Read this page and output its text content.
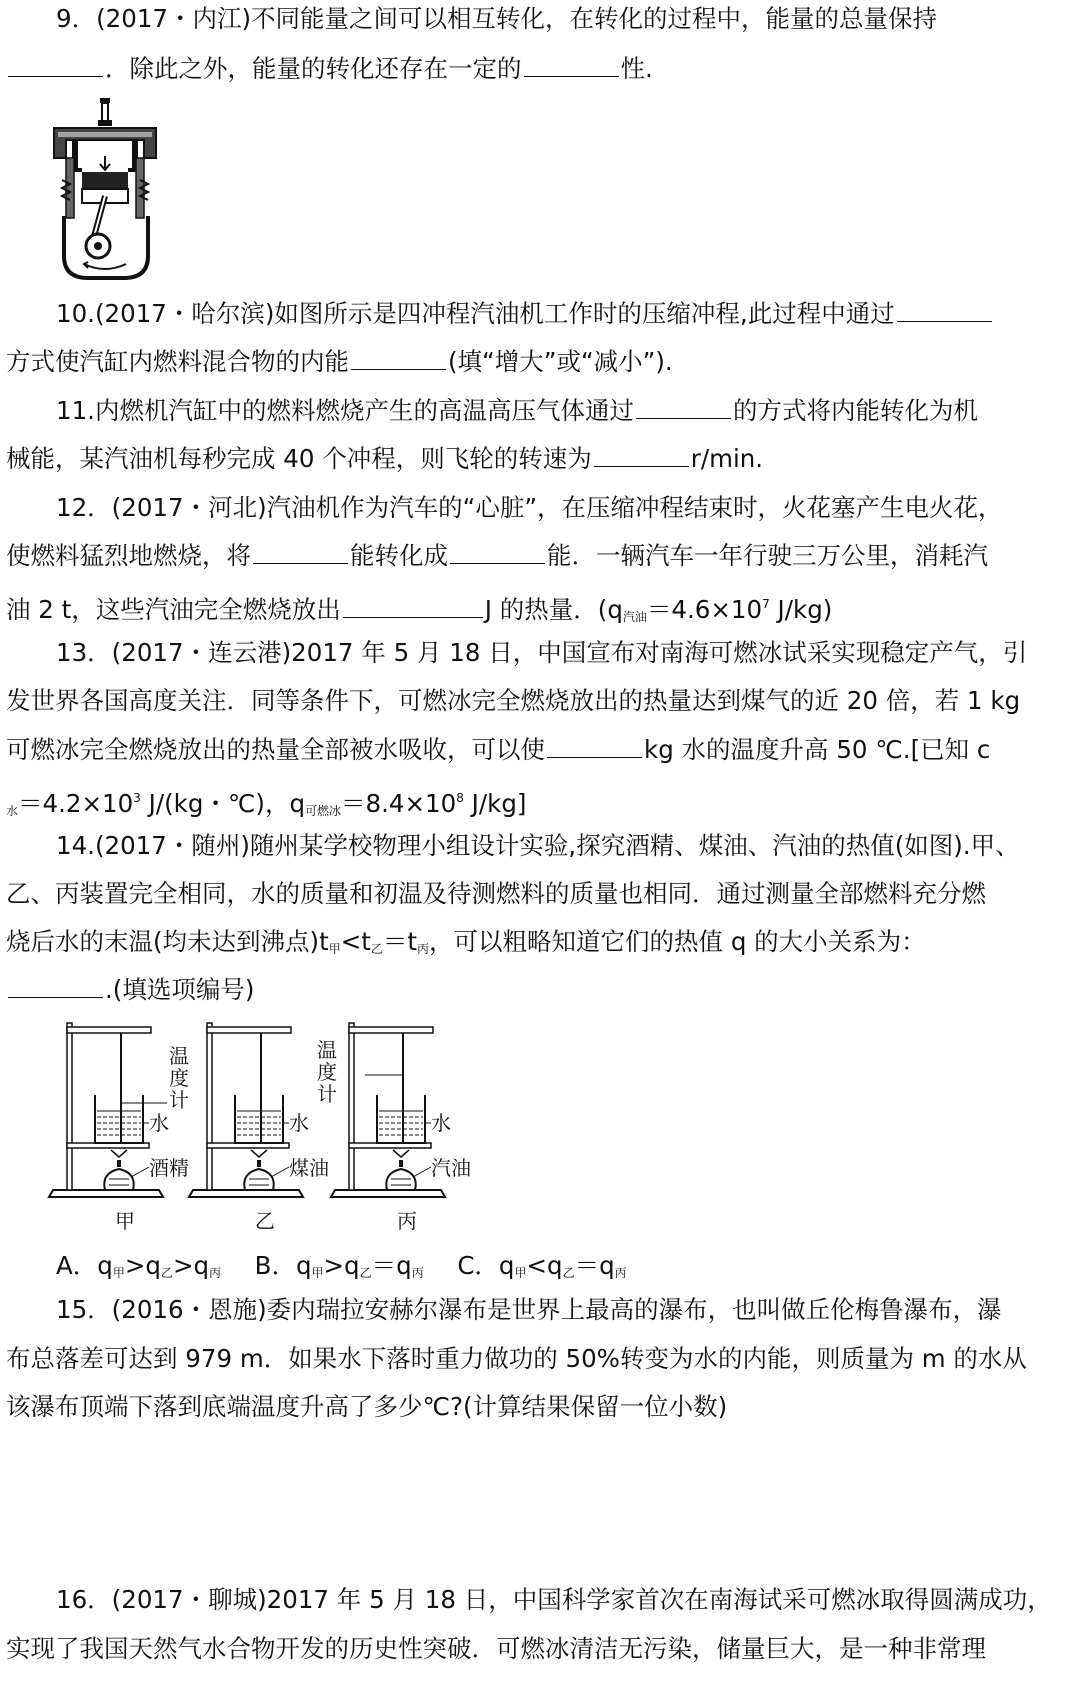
9．(2017・内江)不同能量之间可以相互转化，在转化的过程中，能量的总量保持
．除此之外，能量的转化还存在一定的	性.
10.(2017・哈尔滨)如图所示是四冲程汽油机工作时的压缩冲程,此过程中通过
方式使汽缸内燃料混合物的内能	(填“增大”或“减小”).
11.内燃机汽缸中的燃料燃烧产生的高温高压气体通过	的方式将内能转化为机
械能，某汽油机每秒完成 40 个冲程，则飞轮的转速为	r/min.
12．(2017・河北)汽油机作为汽车的“心脏”，在压缩冲程结束时，火花塞产生电火花，
使燃料猛烈地燃烧，将	能转化成	能．一辆汽车一年行驶三万公里，消耗汽
油 2 t，这些汽油完全燃烧放出	J 的热量．($q_{汽油}=4.6\times 10^7$ J/kg)
13．(2017・连云港)2017 年 5 月 18 日，中国宣布对南海可燃冰试采实现稳定产气，引
发世界各国高度关注．同等条件下，可燃冰完全燃烧放出的热量达到煤气的近 20 倍，若 1 kg
可燃冰完全燃烧放出的热量全部被水吸收，可以使	kg 水的温度升高 50 ℃.[已知 c
$_水=4.2\times 10^3$ J/(kg・℃)，$q_{可燃冰}=8.4\times 10^8$ J/kg]
14.(2017・随州)随州某学校物理小组设计实验,探究酒精、煤油、汽油的热值(如图).甲、
乙、丙装置完全相同，水的质量和初温及待测燃料的质量也相同．通过测量全部燃料充分燃
烧后水的末温(均未达到沸点)$t_甲<t_乙=t_丙$，可以粗略知道它们的热值 q 的大小关系为：
.(填选项编号)
温
度
计
温
度
计
水	水	水
酒精	煤油	汽油
甲	乙	丙
A．$q_甲>q_乙>q_丙$ B．$q_甲>q_乙=q_丙$ C．$q_甲<q_乙=q_丙$
15．(2016・恩施)委内瑞拉安赫尔瀑布是世界上最高的瀑布，也叫做丘伦梅鲁瀑布，瀑
布总落差可达到 979 m．如果水下落时重力做功的 50%转变为水的内能，则质量为 m 的水从
该瀑布顶端下落到底端温度升高了多少℃?(计算结果保留一位小数)
16．(2017・聊城)2017 年 5 月 18 日，中国科学家首次在南海试采可燃冰取得圆满成功，
实现了我国天然气水合物开发的历史性突破．可燃冰清洁无污染，储量巨大，是一种非常理
